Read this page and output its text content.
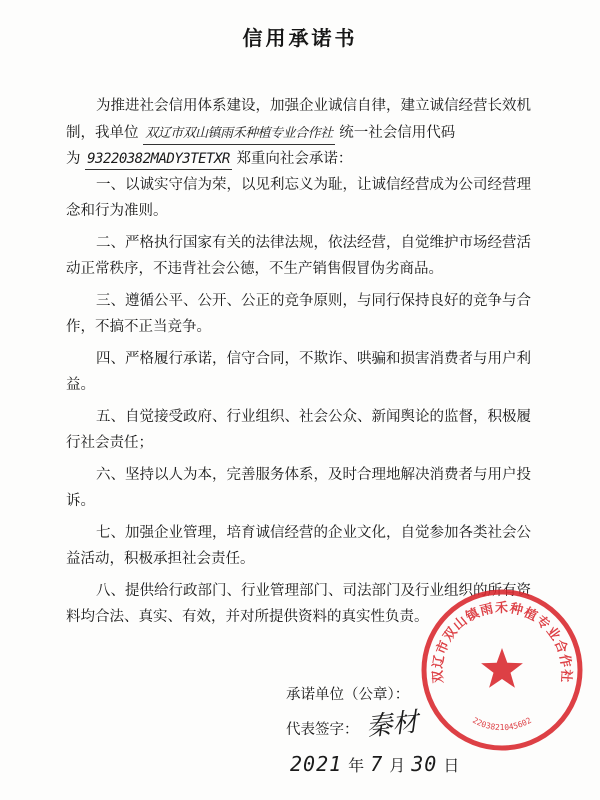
信用承诺书
为推进社会信用体系建设，加强企业诚信自律，建立诚信经营长效机
制，我单位 双辽市双山镇雨禾种植专业合作社 统一社会信用代码
为 93220382MADY3TETXR 郑重向社会承诺：
一、以诚实守信为荣，以见利忘义为耻，让诚信经营成为公司经营理
念和行为准则。
二、严格执行国家有关的法律法规，依法经营，自觉维护市场经营活
动正常秩序，不违背社会公德，不生产销售假冒伪劣商品。
三、遵循公平、公开、公正的竞争原则，与同行保持良好的竞争与合
作，不搞不正当竞争。
四、严格履行承诺，信守合同，不欺诈、哄骗和损害消费者与用户利
益。
五、自觉接受政府、行业组织、社会公众、新闻舆论的监督，积极履
行社会责任；
六、坚持以人为本，完善服务体系，及时合理地解决消费者与用户投
诉。
七、加强企业管理，培育诚信经营的企业文化，自觉参加各类社会公
益活动，积极承担社会责任。
八、提供给行政部门、行业管理部门、司法部门及行业组织的所有资
料均合法、真实、有效，并对所提供资料的真实性负责。
承诺单位（公章）：
代表签字： 秦材
2021 年 7 月 30 日
双辽市双山镇雨禾种植专业合作社
2203821045602
